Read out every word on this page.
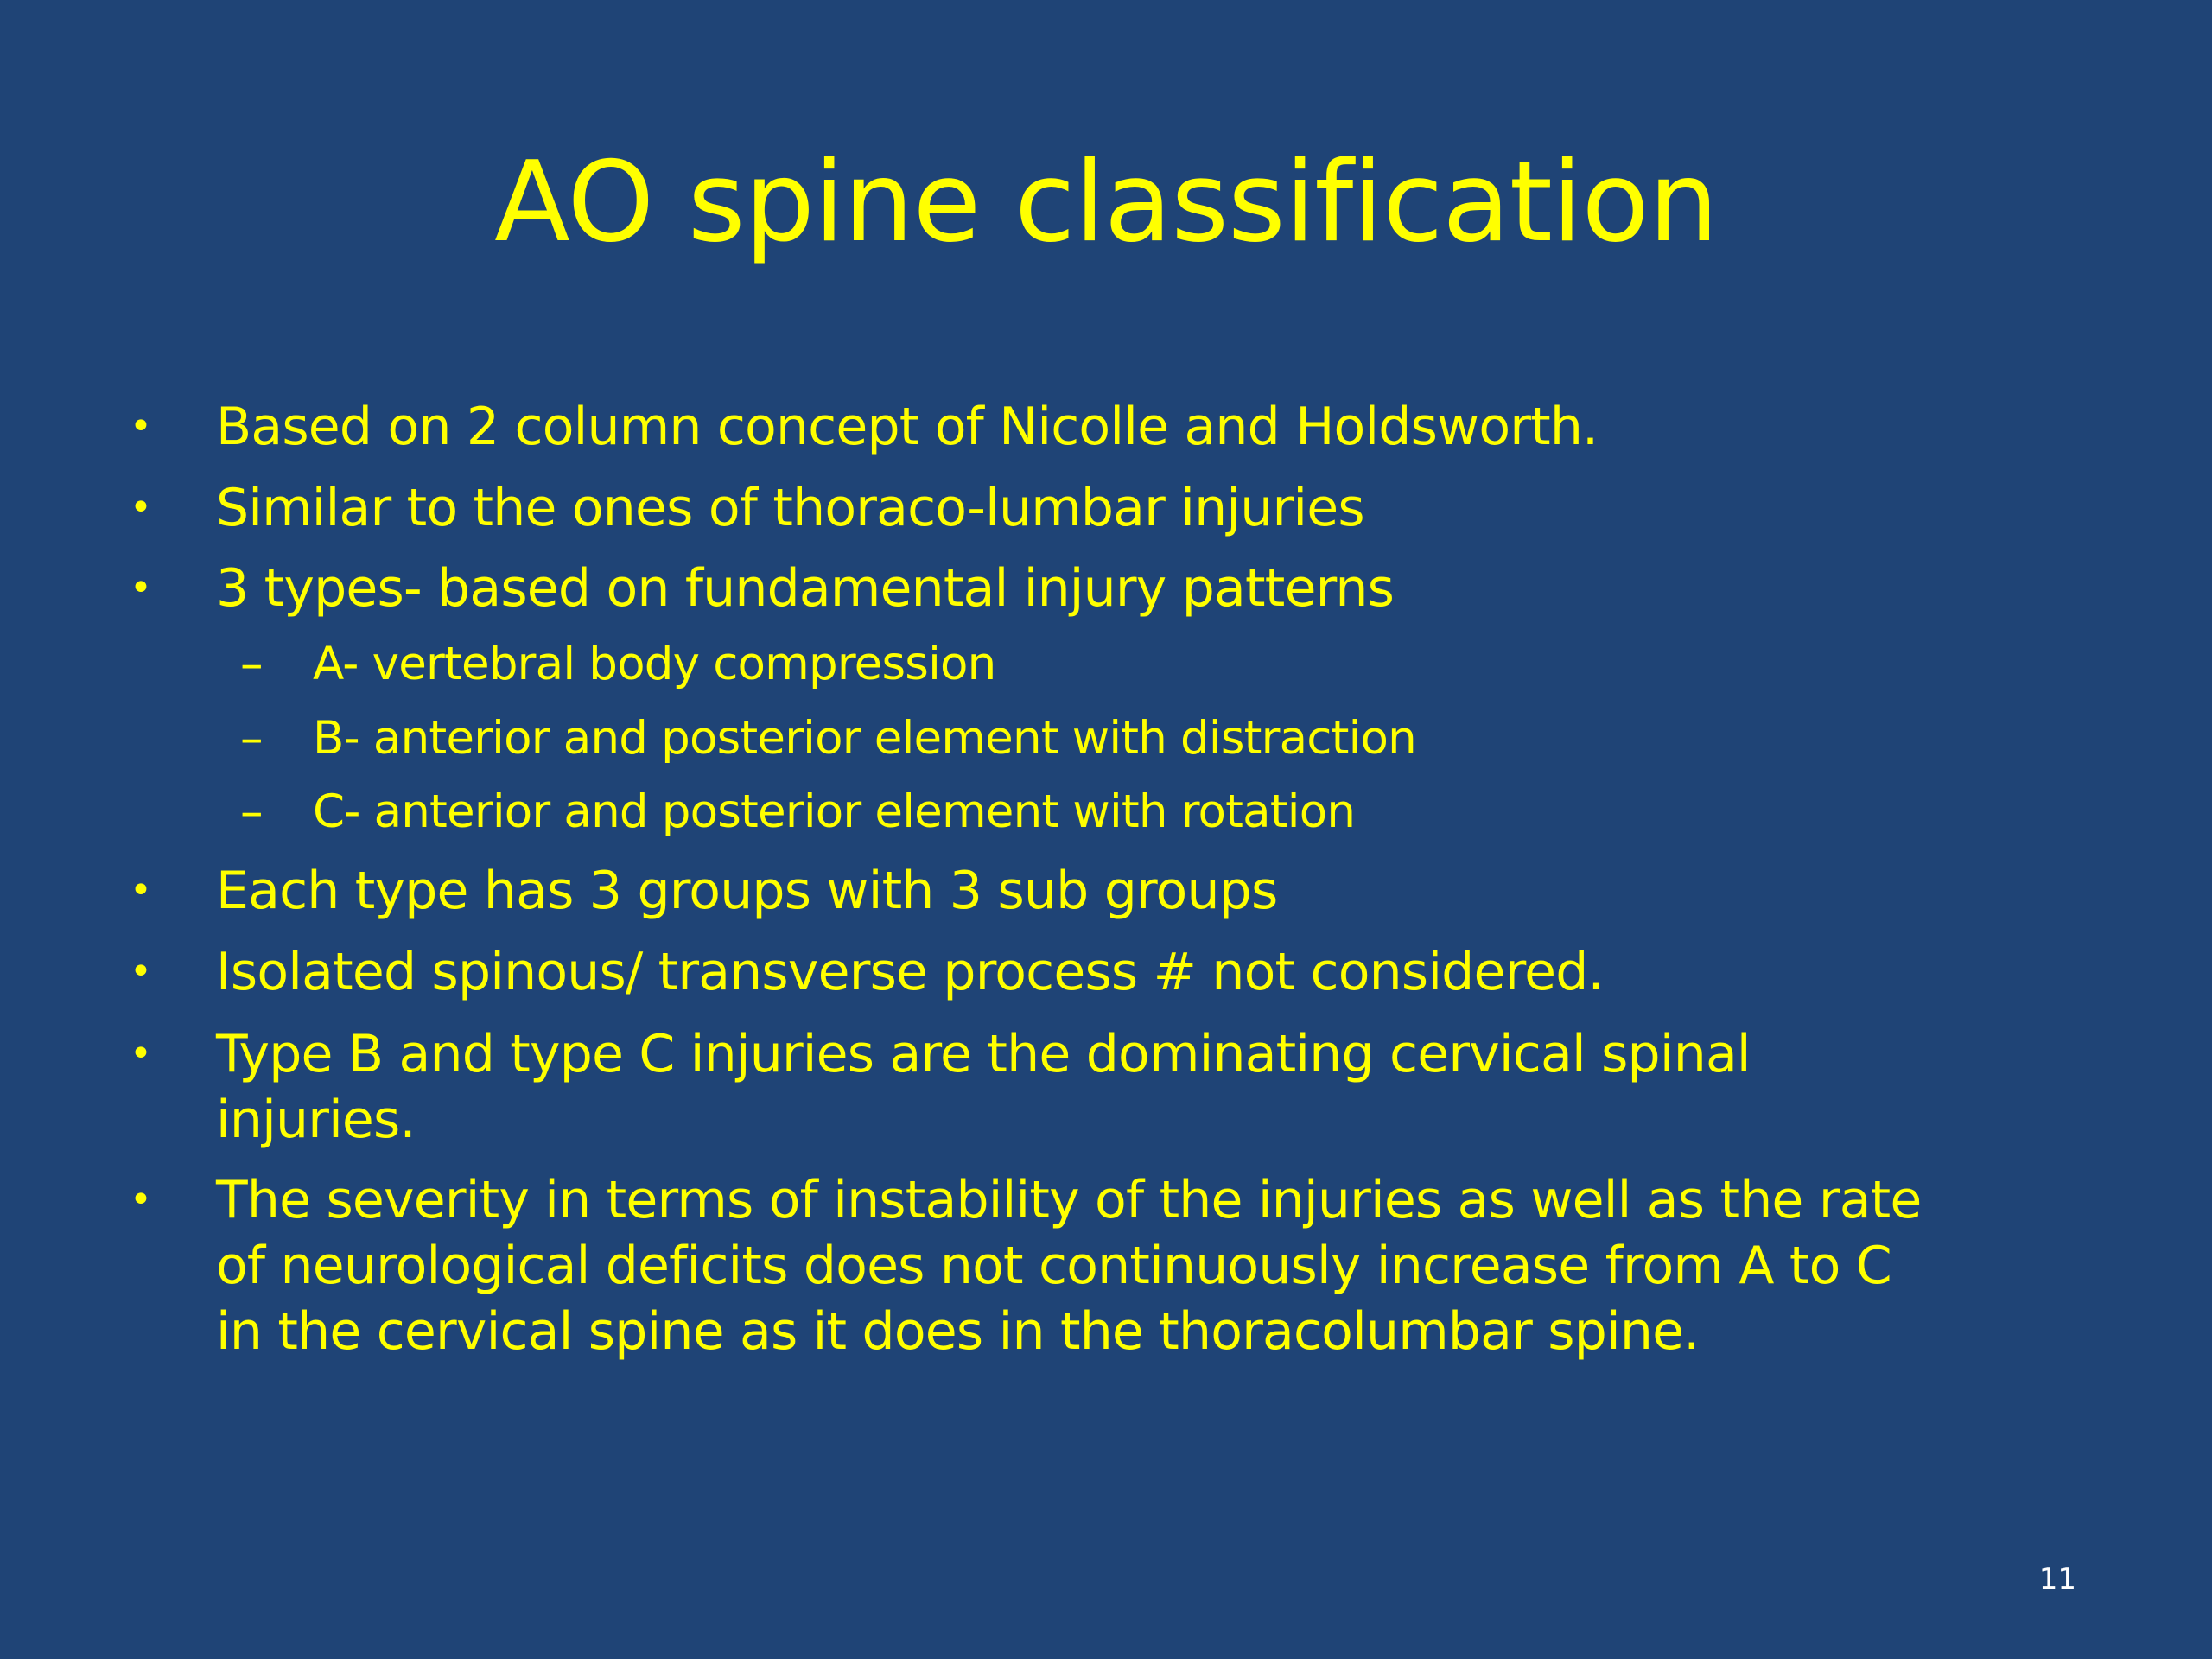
AO spine classification
• Based on 2 column concept of Nicolle and Holdsworth.
• Similar to the ones of thoraco-lumbar injuries
• 3 types- based on fundamental injury patterns
– A- vertebral body compression
– B- anterior and posterior element with distraction
– C- anterior and posterior element with rotation
• Each type has 3 groups with 3 sub groups
• Isolated spinous/ transverse process # not considered.
• Type B and type C injuries are the dominating cervical spinal
injuries.
• The severity in terms of instability of the injuries as well as the rate
of neurological deficits does not continuously increase from A to C
in the cervical spine as it does in the thoracolumbar spine.
11
